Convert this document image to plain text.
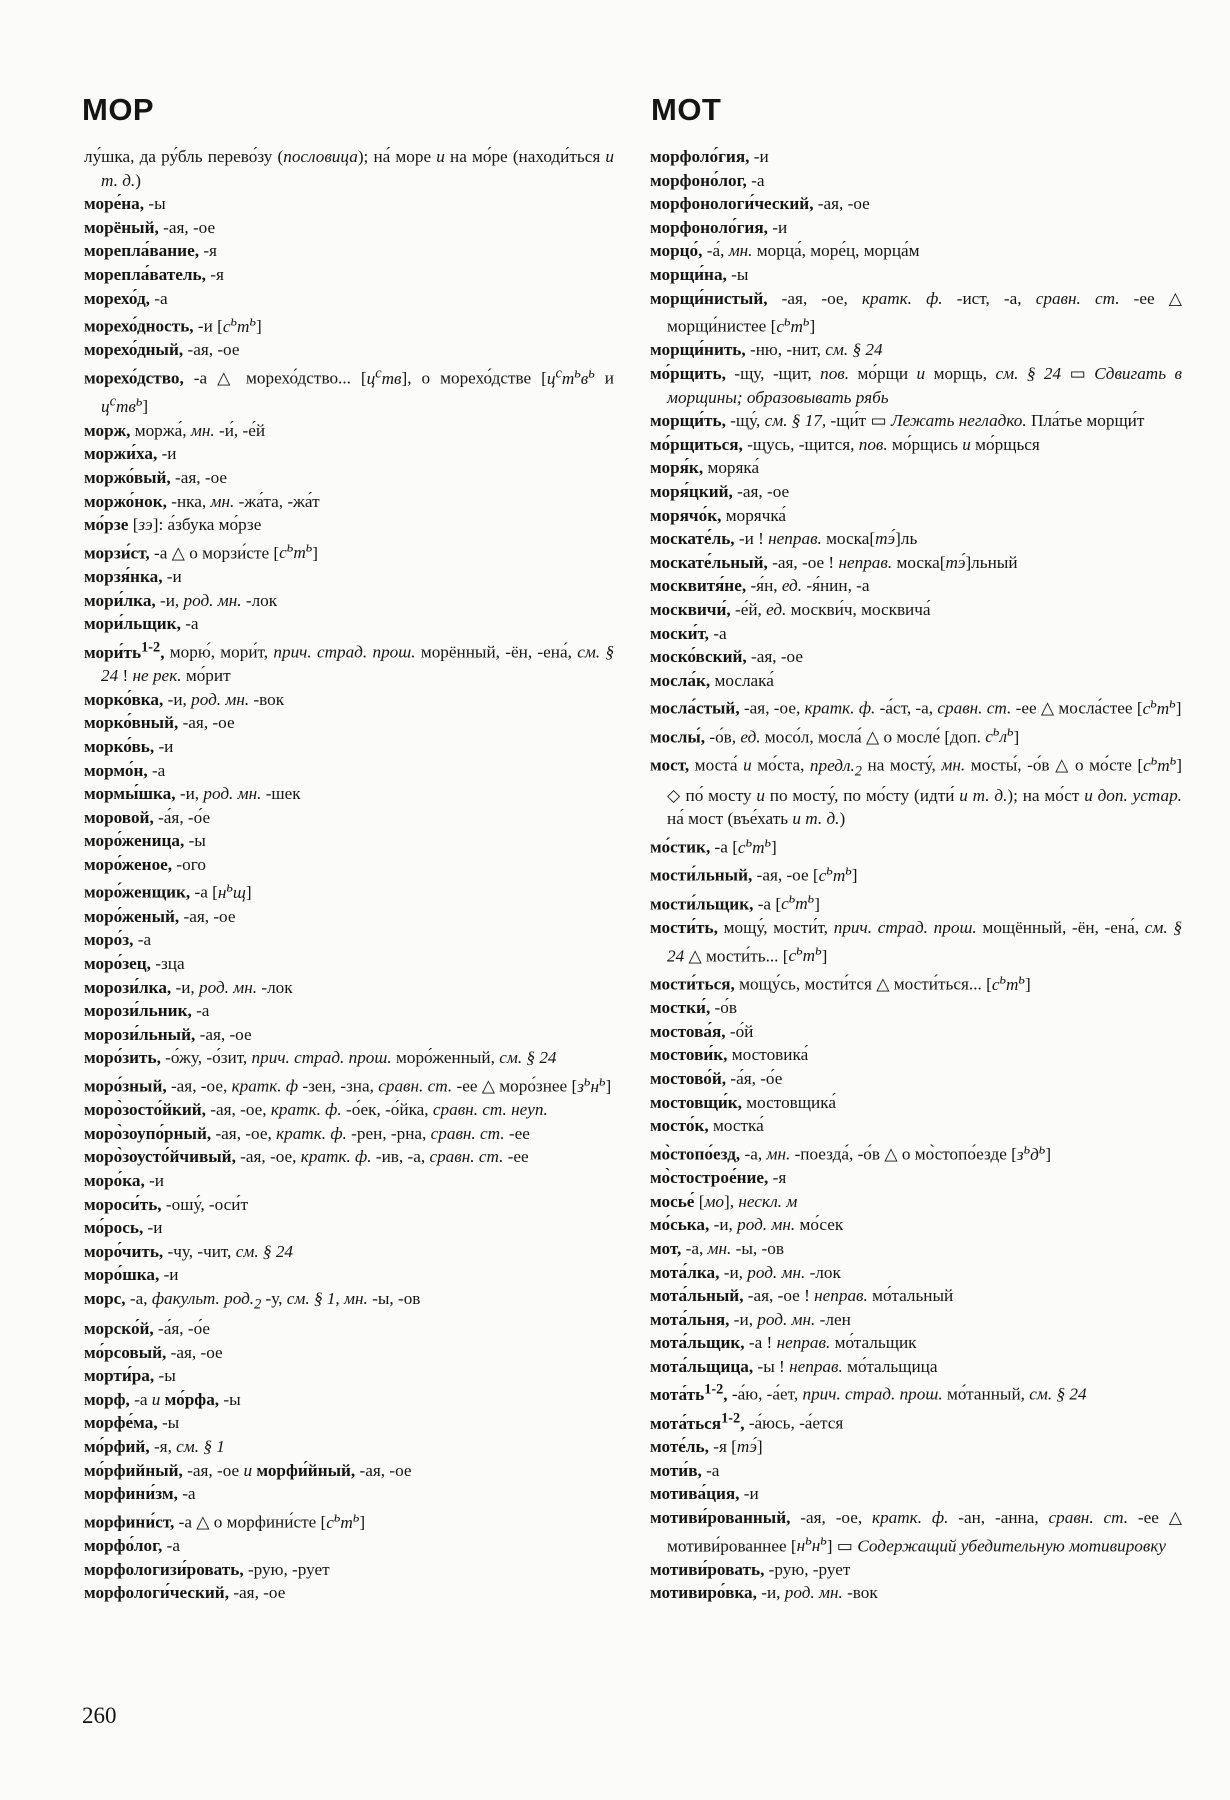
МОР	МОТ
лу́шка, да ру́бль перево́зу (пословица); на́ море и на мо́ре (находи́ться и т. д.)
море́на, -ы
морёный, -ая, -ое
морепла́вание, -я
морепла́ватель, -я
морехо́д, -а
морехо́дность, -и $[с^ьт^ь]$
морехо́дный, -ая, -ое
морехо́дство, -а △ морехо́дство... $[ц^ств]$, о морехо́дстве [$ц^ст^ьв^ь$ и $ц^ств^ь$]
морж, моржа́, мн. -и́, -е́й
моржи́ха, -и
моржо́вый, -ая, -ое
моржо́нок, -нка, мн. -жа́та, -жа́т
мо́рзе [зэ]: а́збука мо́рзе
морзи́ст, -а △ о морзи́сте $[с^ьт^ь]$
морзя́нка, -и
мори́лка, -и, род. мн. -лок
мори́льщик, -а
$мори́ть^{1-2}$, морю́, мори́т, прич. страд. прош. морённый, -ён, -ена́, см. § 24 ! не рек. мо́рит
морко́вка, -и, род. мн. -вок
морко́вный, -ая, -ое
морко́вь, -и
мормо́н, -а
мормы́шка, -и, род. мн. -шек
моровой, -а́я, -о́е
моро́женица, -ы
моро́женое, -ого
моро́женщик, -а $[н^ьщ]$
моро́женый, -ая, -ое
моро́з, -а
моро́зец, -зца
морози́лка, -и, род. мн. -лок
морози́льник, -а
морози́льный, -ая, -ое
моро́зить, -о́жу, -о́зит, прич. страд. прош. моро́женный, см. § 24
моро́зный, -ая, -ое, кратк. ф -зен, -зна, сравн. ст. -ее △ моро́знее $[з^ьн^ь]$
моро̀зосто́йкий, -ая, -ое, кратк. ф. -о́ек, -о́йка, сравн. ст. неуп.
моро̀зоупо́рный, -ая, -ое, кратк. ф. -рен, -рна, сравн. ст. -ее
моро̀зоусто́йчивый, -ая, -ое, кратк. ф. -ив, -а, сравн. ст. -ее
моро́ка, -и
мороси́ть, -ошу́, -оси́т
мо́рось, -и
моро́чить, -чу, -чит, см. § 24
моро́шка, -и
морс, -а, факульт. $род._2$ -у, см. § 1, мн. -ы, -ов
морско́й, -а́я, -о́е
мо́рсовый, -ая, -ое
морти́ра, -ы
морф, -а и мо́рфа, -ы
морфе́ма, -ы
мо́рфий, -я, см. § 1
мо́рфийный, -ая, -ое и морфи́йный, -ая, -ое
морфини́зм, -а
морфини́ст, -а △ о морфини́сте $[с^ьт^ь]$
морфо́лог, -а
морфологизи́ровать, -рую, -рует
морфологи́ческий, -ая, -ое
морфоло́гия, -и
морфоно́лог, -а
морфонологи́ческий, -ая, -ое
морфоноло́гия, -и
морцо́, -а́, мн. морца́, море́ц, морца́м
морщи́на, -ы
морщи́нистый, -ая, -ое, кратк. ф. -ист, -а, сравн. ст. -ее △ морщи́нистее $[с^ьт^ь]$
морщи́нить, -ню, -нит, см. § 24
мо́рщить, -щу, -щит, пов. мо́рщи и морщь, см. § 24 ▭ Сдвигать в морщины; образовывать рябь
морщи́ть, -щу́, см. § 17, -щи́т ▭ Лежать негладко. Пла́тье морщи́т
мо́рщиться, -щусь, -щится, пов. мо́рщись и мо́рщься
моря́к, моряка́
моря́цкий, -ая, -ое
морячо́к, морячка́
москате́ль, -и ! неправ. моска[тэ́]ль
москате́льный, -ая, -ое ! неправ. моска[тэ́]льный
москвитя́не, -я́н, ед. -я́нин, -а
москвичи́, -е́й, ед. москви́ч, москвича́
моски́т, -а
моско́вский, -ая, -ое
мосла́к, мослака́
мосла́стый, -ая, -ое, кратк. ф. -а́ст, -а, сравн. ст. -ее △ мосла́стее $[с^ьт^ь]$
мослы́, -о́в, ед. мосо́л, мосла́ △ о мосле́ [доп. $с^ьл^ь$]
мост, моста́ и мо́ста, $предл._2$ на мосту́, мн. мосты́, -о́в △ о мо́сте $[с^ьт^ь]$ ◇ по́ мосту и по мосту́, по мо́сту (идти́ и т. д.); на мо́ст и доп. устар. на́ мост (въе́хать и т. д.)
мо́стик, -а $[с^ьт^ь]$
мости́льный, -ая, -ое $[с^ьт^ь]$
мости́льщик, -а $[с^ьт^ь]$
мости́ть, мощу́, мости́т, прич. страд. прош. мощённый, -ён, -ена́, см. § 24 △ мости́ть... $[с^ьт^ь]$
мости́ться, мощу́сь, мости́тся △ мости́ться... $[с^ьт^ь]$
мостки́, -о́в
мостова́я, -о́й
мостови́к, мостовика́
мостово́й, -а́я, -о́е
мостовщи́к, мостовщика́
мосто́к, мостка́
мо̀стопо́езд, -а, мн. -поезда́, -о́в △ о мо̀стопо́езде $[з^ьд^ь]$
мо̀стострое́ние, -я
мосье́ [мо], нескл. м
мо́ська, -и, род. мн. мо́сек
мот, -а, мн. -ы, -ов
мота́лка, -и, род. мн. -лок
мота́льный, -ая, -ое ! неправ. мо́тальный
мота́льня, -и, род. мн. -лен
мота́льщик, -а ! неправ. мо́тальщик
мота́льщица, -ы ! неправ. мо́тальщица
$мота́ть^{1-2}$, -а́ю, -а́ет, прич. страд. прош. мо́танный, см. § 24
мота́ться$^{1-2}$, -а́юсь, -а́ется
моте́ль, -я [тэ́]
моти́в, -а
мотива́ция, -и
мотиви́рованный, -ая, -ое, кратк. ф. -ан, -анна, сравн. ст. -ее △ мотиви́рованнее $[н^ьн^ь]$ ▭ Содержащий убедительную мотивировку
мотиви́ровать, -рую, -рует
мотивиро́вка, -и, род. мн. -вок
260
